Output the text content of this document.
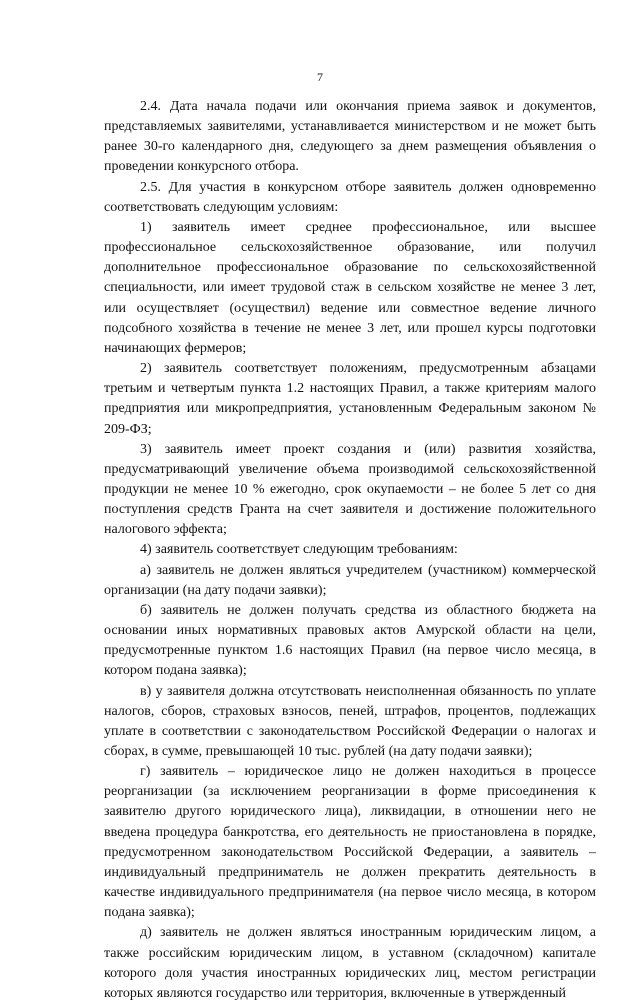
7

2.4. Дата начала подачи или окончания приема заявок и документов, представляемых заявителями, устанавливается министерством и не может быть ранее 30-го календарного дня, следующего за днем размещения объявления о проведении конкурсного отбора.

2.5. Для участия в конкурсном отборе заявитель должен одновременно соответствовать следующим условиям:

1) заявитель имеет среднее профессиональное, или высшее профессиональное сельскохозяйственное образование, или получил дополнительное профессиональное образование по сельскохозяйственной специальности, или имеет трудовой стаж в сельском хозяйстве не менее 3 лет, или осуществляет (осуществил) ведение или совместное ведение личного подсобного хозяйства в течение не менее 3 лет, или прошел курсы подготовки начинающих фермеров;

2) заявитель соответствует положениям, предусмотренным абзацами третьим и четвертым пункта 1.2 настоящих Правил, а также критериям малого предприятия или микропредприятия, установленным Федеральным законом № 209-ФЗ;

3) заявитель имеет проект создания и (или) развития хозяйства, предусматривающий увеличение объема производимой сельскохозяйственной продукции не менее 10 % ежегодно, срок окупаемости – не более 5 лет со дня поступления средств Гранта на счет заявителя и достижение положительного налогового эффекта;

4) заявитель соответствует следующим требованиям:

а) заявитель не должен являться учредителем (участником) коммерческой организации (на дату подачи заявки);

б) заявитель не должен получать средства из областного бюджета на основании иных нормативных правовых актов Амурской области на цели, предусмотренные пунктом 1.6 настоящих Правил (на первое число месяца, в котором подана заявка);

в) у заявителя должна отсутствовать неисполненная обязанность по уплате налогов, сборов, страховых взносов, пеней, штрафов, процентов, подлежащих уплате в соответствии с законодательством Российской Федерации о налогах и сборах, в сумме, превышающей 10 тыс. рублей (на дату подачи заявки);

г) заявитель – юридическое лицо не должен находиться в процессе реорганизации (за исключением реорганизации в форме присоединения к заявителю другого юридического лица), ликвидации, в отношении него не введена процедура банкротства, его деятельность не приостановлена в порядке, предусмотренном законодательством Российской Федерации, а заявитель – индивидуальный предприниматель не должен прекратить деятельность в качестве индивидуального предпринимателя (на первое число месяца, в котором подана заявка);

д) заявитель не должен являться иностранным юридическим лицом, а также российским юридическим лицом, в уставном (складочном) капитале которого доля участия иностранных юридических лиц, местом регистрации которых являются государство или территория, включенные в утвержденный
